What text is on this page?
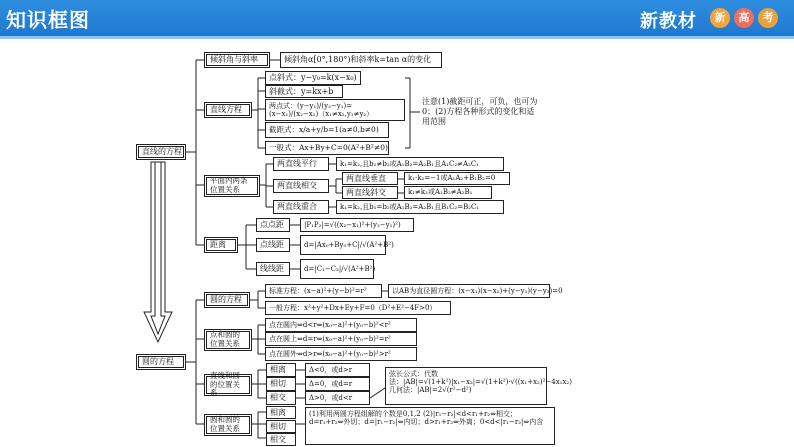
知识框图	新教材	新	高	考
直线的方程
倾斜角与斜率	倾斜角α[0°,180°)和斜率k=tan α的变化
直线方程
点斜式：y−y₀=k(x−x₀)
斜截式：y=kx+b
两点式：(y−y₁)/(y₂−y₁)=(x−x₁)/(x₂−x₁)（x₁≠x₂,y₁≠y₂）
截距式：x/a+y/b=1(a≠0,b≠0)
一般式：Ax+By+C=0(A²+B²≠0)
注意(1)截距可正，可负，也可为0；(2)方程各种形式的变化和适用范围
平面内两条位置关系
两直线平行	k₁=k₂,且b₁≠b₂或A₁B₂=A₂B₁且A₁C₂≠A₂C₁
两直线相交
两直线垂直	k₁·k₂=−1或A₁A₂+B₁B₂=0
两直线斜交	k₁≠k₂或A₁B₂≠A₂B₁
两直线重合	k₁=k₂,且b₁=b₂或A₁B₂=A₂B₁且B₁C₂=B₂C₁
距离
点点距	|P₁P₂|=√((x₂−x₁)²+(y₂−y₁)²)
点线距	d=|Ax₀+By₀+C|/√(A²+B²)
线线距	d=|C₁−C₂|/√(A²+B²)
圆的方程
圆的方程
标准方程：(x−a)²+(y−b)²=r²	以AB为直径圆方程：(x−x₁)(x−x₂)+(y−y₁)(y−y₂)=0
一般方程：x²+y²+Dx+Ey+F=0（D²+E²−4F>0）
点和圆的位置关系
点在圆内⇔d<r⇔(x₀−a)²+(y₀−b)²<r²
点在圆上⇔d=r⇔(x₀−a)²+(y₀−b)²=r²
点在圆外⇔d>r⇔(x₀−a)²+(y₀−b)²>r²
直线和圆的位置关系
相离	Δ<0，或d>r
相切	Δ=0，或d=r
相交	Δ>0，或d<r
弦长公式：代数法：|AB|=√(1+k²)|x₁−x₂|=√(1+k²)·√((x₁+x₂)²−4x₁x₂) 几何法：|AB|=2√(r²−d²)
圆和圆的位置关系
相离
相切
相交
(1)利用两圆方程组解的个数是0,1,2 (2)|r₁−r₂|<d<r₁+r₂⇔相交；d=r₁+r₂⇔外切；d=|r₁−r₂|⇔内切；d>r₁+r₂⇔外离；0<d<|r₁−r₂|⇔内含
